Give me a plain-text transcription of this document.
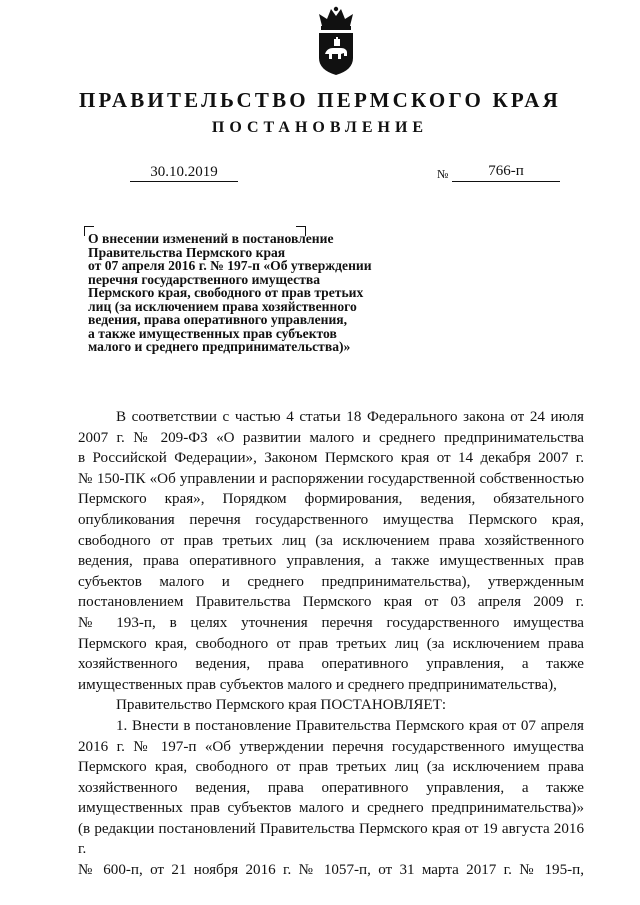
ПРАВИТЕЛЬСТВО ПЕРМСКОГО КРАЯ
ПОСТАНОВЛЕНИЕ
30.10.2019	№	766-п
О внесении изменений в постановление
Правительства Пермского края
от 07 апреля 2016 г. № 197-п «Об утверждении
перечня государственного имущества
Пермского края, свободного от прав третьих
лиц (за исключением права хозяйственного
ведения, права оперативного управления,
а также имущественных прав субъектов
малого и среднего предпринимательства)»

В соответствии с частью 4 статьи 18 Федерального закона от 24 июля

2007 г. № 209-ФЗ «О развитии малого и среднего предпринимательства

в Российской Федерации», Законом Пермского края от 14 декабря 2007 г.

№ 150-ПК «Об управлении и распоряжении государственной собственностью

Пермского края», Порядком формирования, ведения, обязательного

опубликования перечня государственного имущества Пермского края,

свободного от прав третьих лиц (за исключением права хозяйственного

ведения, права оперативного управления, а также имущественных прав

субъектов малого и среднего предпринимательства), утвержденным

постановлением Правительства Пермского края от 03 апреля 2009 г.

№ 193-п, в целях уточнения перечня государственного имущества

Пермского края, свободного от прав третьих лиц (за исключением права

хозяйственного ведения, права оперативного управления, а также

имущественных прав субъектов малого и среднего предпринимательства),

Правительство Пермского края ПОСТАНОВЛЯЕТ:

1. Внести в постановление Правительства Пермского края от 07 апреля

2016 г. № 197-п «Об утверждении перечня государственного имущества

Пермского края, свободного от прав третьих лиц (за исключением права

хозяйственного ведения, права оперативного управления, а также

имущественных прав субъектов малого и среднего предпринимательства)»

(в редакции постановлений Правительства Пермского края от 19 августа 2016 г.

№ 600-п, от 21 ноября 2016 г. № 1057-п, от 31 марта 2017 г. № 195-п,
